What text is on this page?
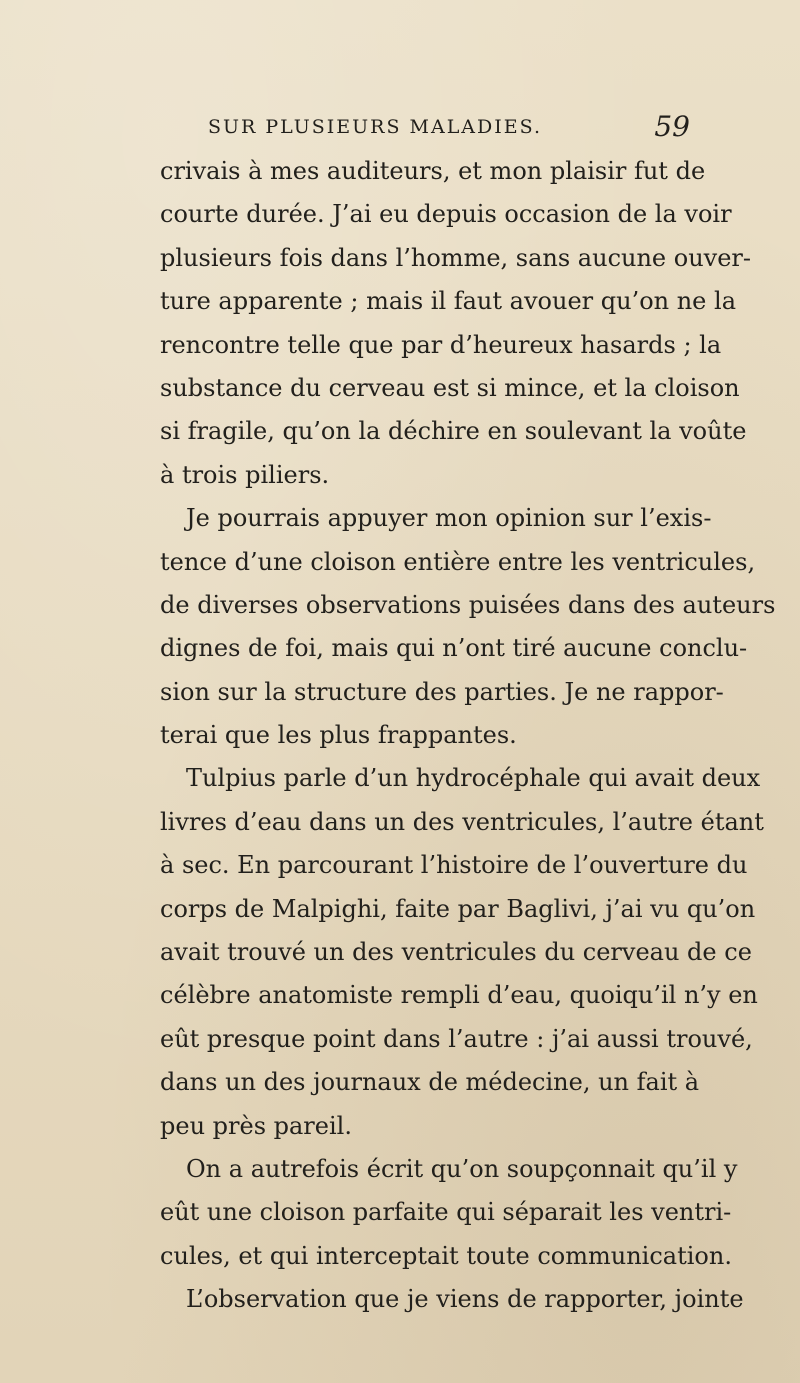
SUR PLUSIEURS MALADIES.	59
crivais à mes auditeurs, et mon plaisir fut de
courte durée. J’ai eu depuis occasion de la voir
plusieurs fois dans l’homme, sans aucune ouver-
ture apparente ; mais il faut avouer qu’on ne la
rencontre telle que par d’heureux hasards ; la
substance du cerveau est si mince, et la cloison
si fragile, qu’on la déchire en soulevant la voûte
à trois piliers.
Je pourrais appuyer mon opinion sur l’exis-
tence d’une cloison entière entre les ventricules,
de diverses observations puisées dans des auteurs
dignes de foi, mais qui n’ont tiré aucune conclu-
sion sur la structure des parties. Je ne rappor-
terai que les plus frappantes.
Tulpius parle d’un hydrocéphale qui avait deux
livres d’eau dans un des ventricules, l’autre étant
à sec. En parcourant l’histoire de l’ouverture du
corps de Malpighi, faite par Baglivi, j’ai vu qu’on
avait trouvé un des ventricules du cerveau de ce
célèbre anatomiste rempli d’eau, quoiqu’il n’y en
eût presque point dans l’autre : j’ai aussi trouvé,
dans un des journaux de médecine, un fait à
peu près pareil.
On a autrefois écrit qu’on soupçonnait qu’il y
eût une cloison parfaite qui séparait les ventri-
cules, et qui interceptait toute communication.
L’observation que je viens de rapporter, jointe
